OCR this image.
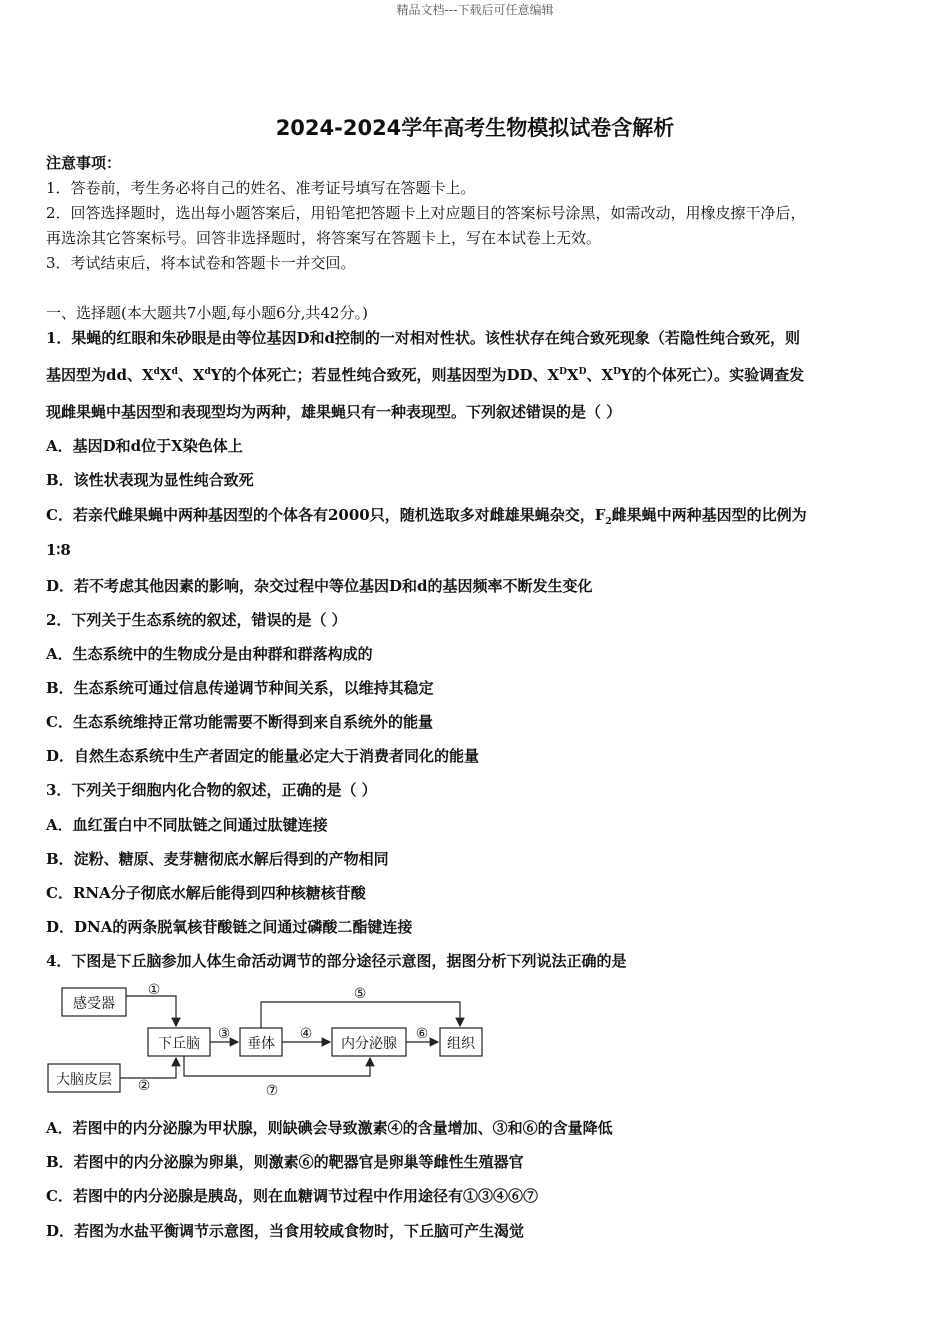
精品文档---下载后可任意编辑
2024-2024学年高考生物模拟试卷含解析
注意事项：
1．答卷前，考生务必将自己的姓名、准考证号填写在答题卡上。
2．回答选择题时，选出每小题答案后，用铅笔把答题卡上对应题目的答案标号涂黑，如需改动，用橡皮擦干净后，
再选涂其它答案标号。回答非选择题时，将答案写在答题卡上，写在本试卷上无效。
3．考试结束后，将本试卷和答题卡一并交回。
一、选择题(本大题共7小题,每小题6分,共42分。)
1．果蝇的红眼和朱砂眼是由等位基因D和d控制的一对相对性状。该性状存在纯合致死现象（若隐性纯合致死，则
基因型为dd、$X^dX^d$、$X^dY$的个体死亡；若显性纯合致死，则基因型为DD、$X^DX^D$、$X^DY$的个体死亡）。实验调查发
现雌果蝇中基因型和表现型均为两种，雄果蝇只有一种表现型。下列叙述错误的是（ ）
A．基因D和d位于X染色体上
B．该性状表现为显性纯合致死
C．若亲代雌果蝇中两种基因型的个体各有2000只，随机选取多对雌雄果蝇杂交，$F_2$雌果蝇中两种基因型的比例为
1∶8
D．若不考虑其他因素的影响，杂交过程中等位基因D和d的基因频率不断发生变化
2．下列关于生态系统的叙述，错误的是（ ）
A．生态系统中的生物成分是由种群和群落构成的
B．生态系统可通过信息传递调节种间关系，以维持其稳定
C．生态系统维持正常功能需要不断得到来自系统外的能量
D．自然生态系统中生产者固定的能量必定大于消费者同化的能量
3．下列关于细胞内化合物的叙述，正确的是（ ）
A．血红蛋白中不同肽链之间通过肽键连接
B．淀粉、糖原、麦芽糖彻底水解后得到的产物相同
C．RNA分子彻底水解后能得到四种核糖核苷酸
D．DNA的两条脱氧核苷酸链之间通过磷酸二酯键连接
4．下图是下丘脑参加人体生命活动调节的部分途径示意图，据图分析下列说法正确的是
感受器
下丘脑
大脑皮层
垂体	内分泌腺	组织
①
②
③	④
⑤
⑥
⑦
A．若图中的内分泌腺为甲状腺，则缺碘会导致激素④的含量增加、③和⑥的含量降低
B．若图中的内分泌腺为卵巢，则激素⑥的靶器官是卵巢等雌性生殖器官
C．若图中的内分泌腺是胰岛，则在血糖调节过程中作用途径有①③④⑥⑦
D．若图为水盐平衡调节示意图，当食用较咸食物时，下丘脑可产生渴觉
